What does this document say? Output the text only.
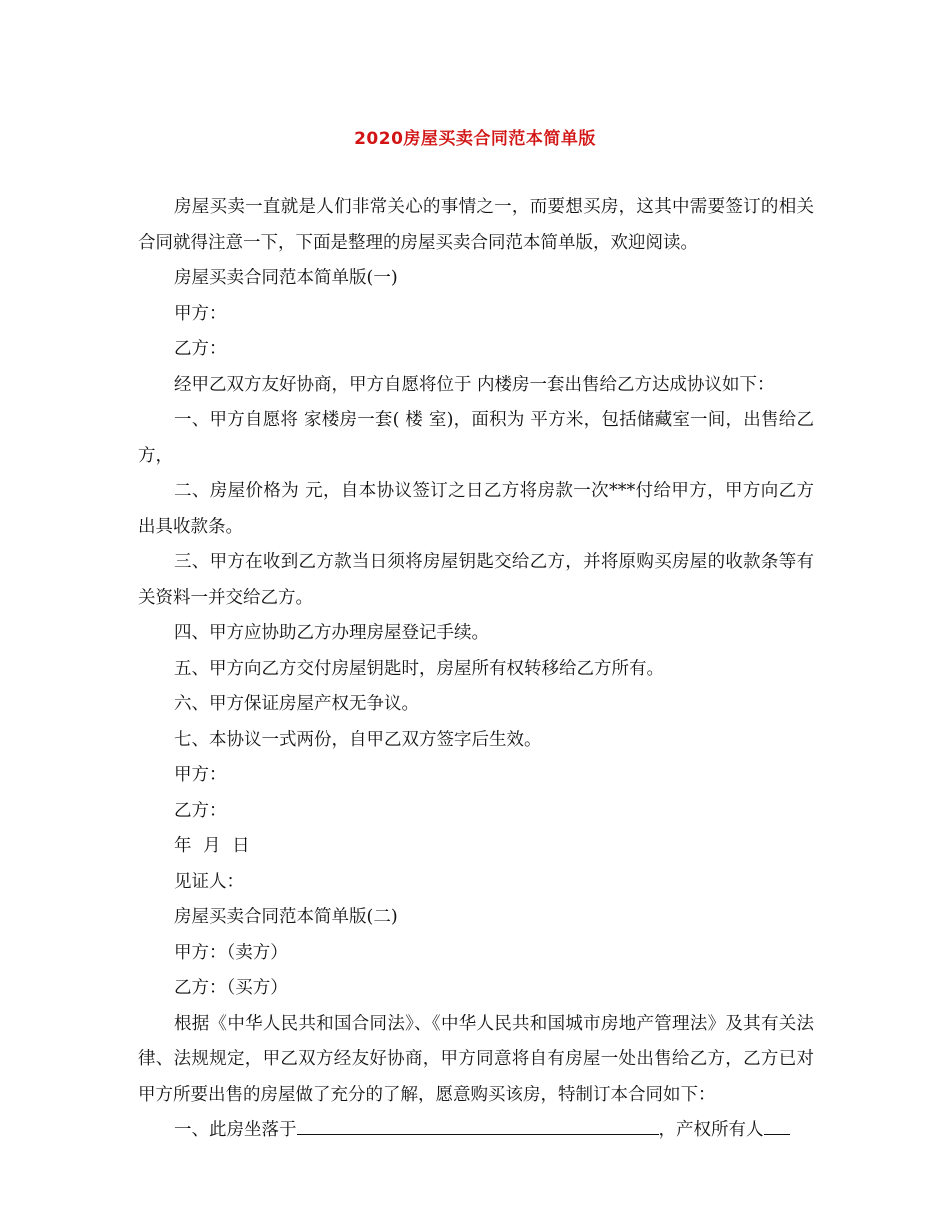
2020房屋买卖合同范本简单版

房屋买卖一直就是人们非常关心的事情之一，而要想买房，这其中需要签订的相关合同就得注意一下，下面是整理的房屋买卖合同范本简单版，欢迎阅读。

房屋买卖合同范本简单版(一)

甲方：

乙方：

经甲乙双方友好协商，甲方自愿将位于 内楼房一套出售给乙方达成协议如下：

一、甲方自愿将 家楼房一套( 楼 室)，面积为 平方米，包括储藏室一间，出售给乙方，

二、房屋价格为 元，自本协议签订之日乙方将房款一次***付给甲方，甲方向乙方出具收款条。

三、甲方在收到乙方款当日须将房屋钥匙交给乙方，并将原购买房屋的收款条等有关资料一并交给乙方。

四、甲方应协助乙方办理房屋登记手续。

五、甲方向乙方交付房屋钥匙时，房屋所有权转移给乙方所有。

六、甲方保证房屋产权无争议。

七、本协议一式两份，自甲乙双方签字后生效。

甲方：

乙方：

年 月 日

见证人：

房屋买卖合同范本简单版(二)

甲方：（卖方）

乙方：（买方）

根据《中华人民共和国合同法》、《中华人民共和国城市房地产管理法》及其有关法律、法规规定，甲乙双方经友好协商，甲方同意将自有房屋一处出售给乙方，乙方已对甲方所要出售的房屋做了充分的了解，愿意购买该房，特制订本合同如下：

一、此房坐落于	，产权所有人
